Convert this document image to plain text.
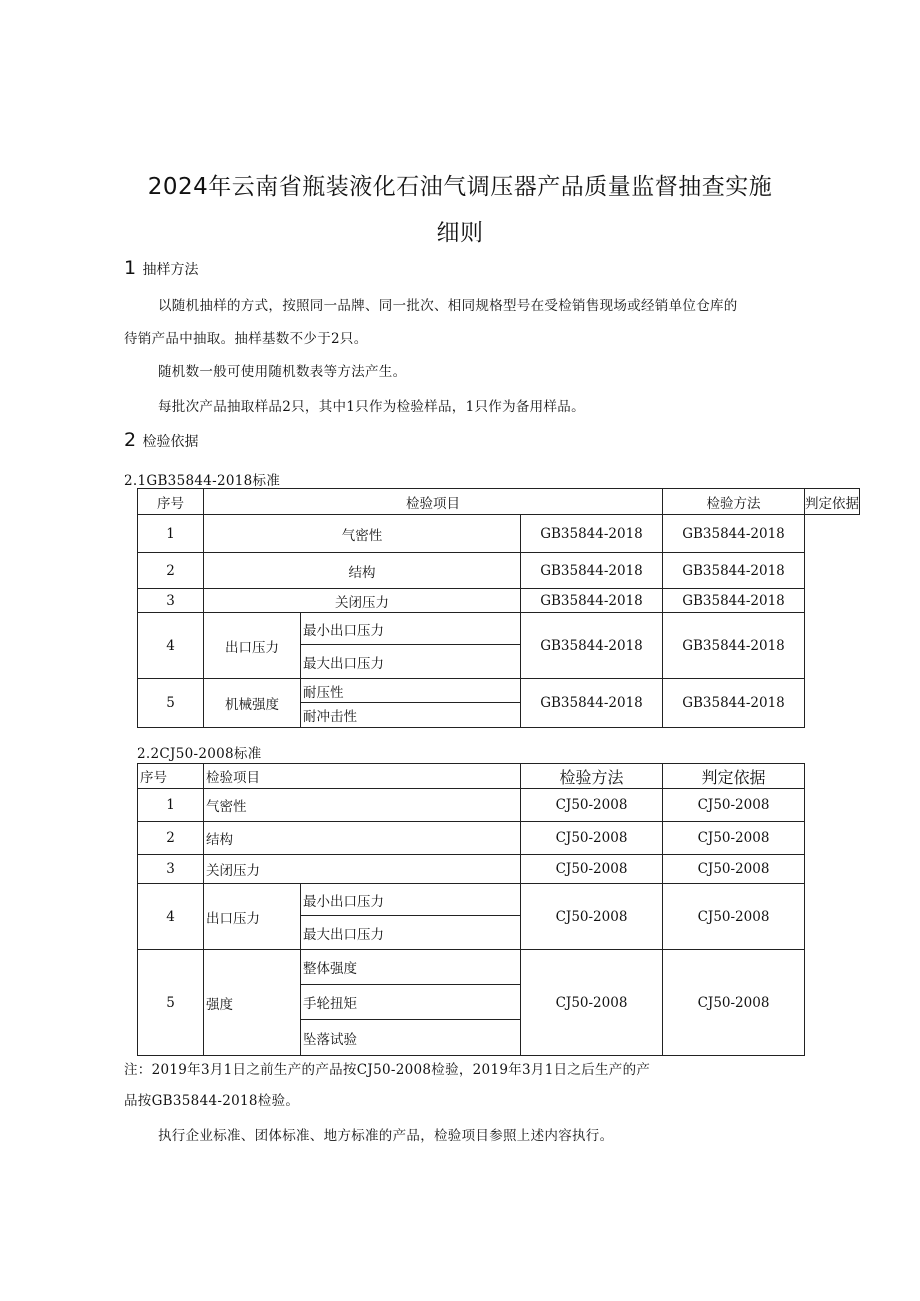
2024年云南省瓶装液化石油气调压器产品质量监督抽查实施
细则
1 抽样方法
以随机抽样的方式，按照同一品牌、同一批次、相同规格型号在受检销售现场或经销单位仓库的
待销产品中抽取。抽样基数不少于2只。
随机数一般可使用随机数表等方法产生。
每批次产品抽取样品2只，其中1只作为检验样品，1只作为备用样品。
2 检验依据
2.1GB35844-2018标准
序号	检验项目			检验方法	判定依据
1	气密性		GB35844-2018	GB35844-2018	
2	结构		GB35844-2018	GB35844-2018	
3	关闭压力		GB35844-2018	GB35844-2018	
4	出口压力	最小出口压力	GB35844-2018	GB35844-2018	
		最大出口压力			
5	机械强度	耐压性	GB35844-2018	GB35844-2018	
		耐冲击性			
2.2CJ50-2008标准
序号	检验项目		检验方法	判定依据
1	气密性		CJ50-2008	CJ50-2008
2	结构		CJ50-2008	CJ50-2008
3	关闭压力		CJ50-2008	CJ50-2008
4	出口压力	最小出口压力	CJ50-2008	CJ50-2008
		最大出口压力		
5	强度	整体强度	CJ50-2008	CJ50-2008
		手轮扭矩		
		坠落试验		
注：2019年3月1日之前生产的产品按CJ50-2008检验，2019年3月1日之后生产的产
品按GB35844-2018检验。
执行企业标准、团体标准、地方标准的产品，检验项目参照上述内容执行。
